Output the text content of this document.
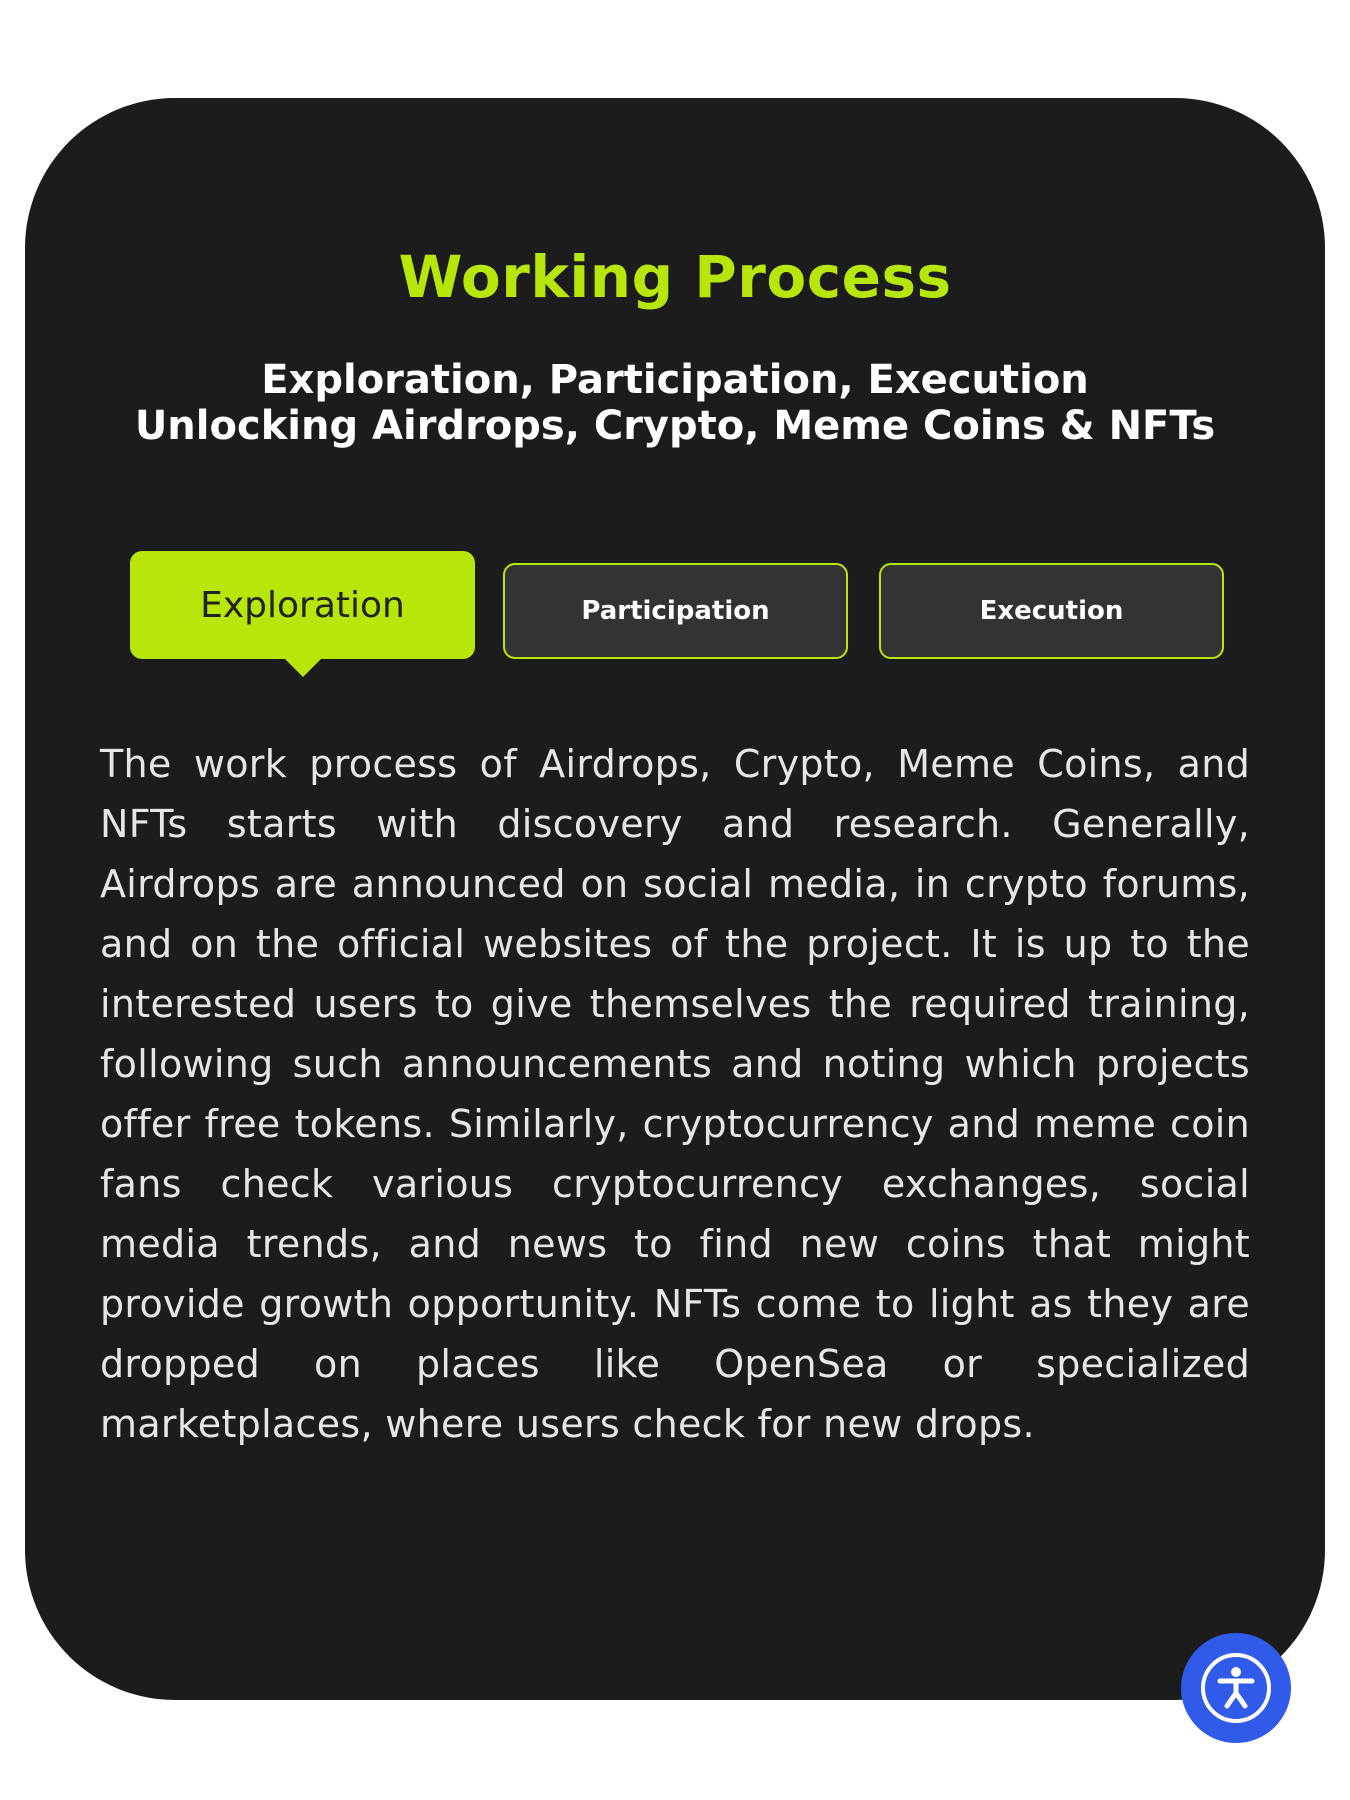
Working Process
Exploration, Participation, Execution
Unlocking Airdrops, Crypto, Meme Coins & NFTs
Exploration	Participation	Execution
The work process of Airdrops, Crypto, Meme Coins, and NFTs starts with discovery and research. Generally, Airdrops are announced on social media, in crypto forums, and on the official websites of the project. It is up to the interested users to give themselves the required training, following such announcements and noting which projects offer free tokens. Similarly, cryptocurrency and meme coin fans check various cryptocurrency exchanges, social media trends, and news to find new coins that might provide growth opportunity. NFTs come to light as they are dropped on places like OpenSea or specialized marketplaces, where users check for new drops.
